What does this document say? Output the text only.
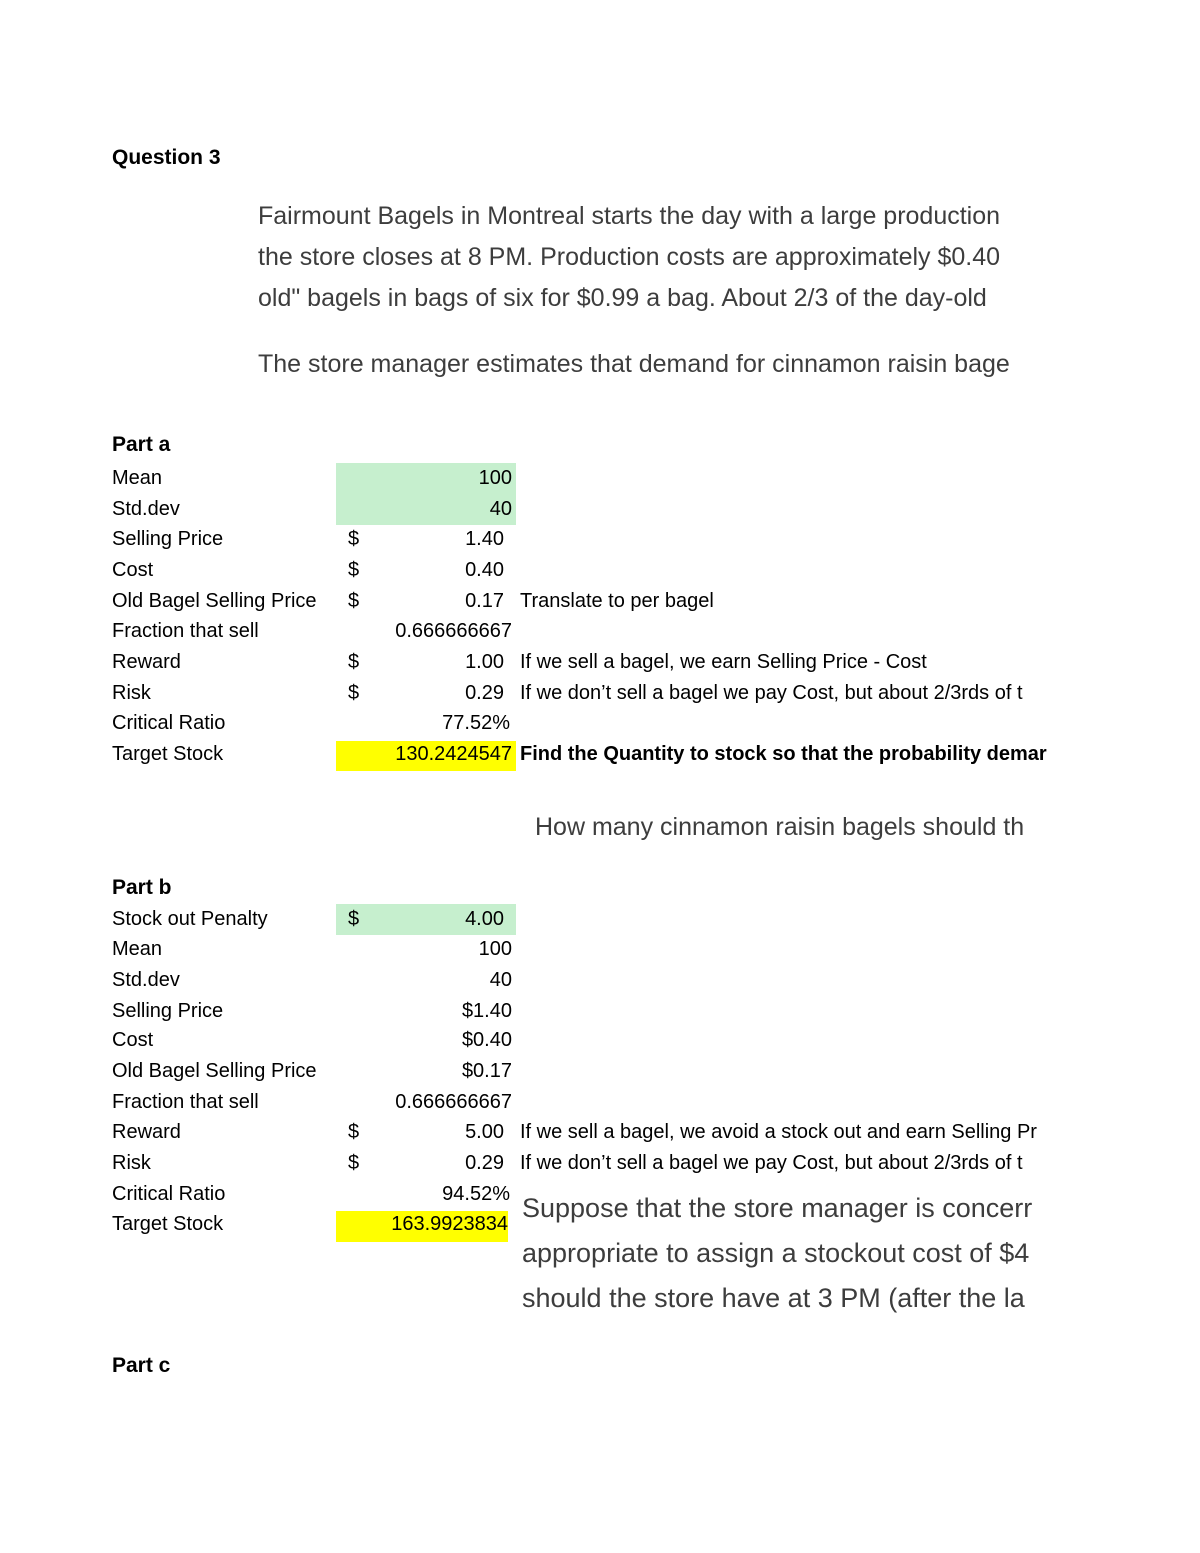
Question 3
Fairmount Bagels in Montreal starts the day with a large production
the store closes at 8 PM. Production costs are approximately $0.40
old" bagels in bags of six for $0.99 a bag. About 2/3 of the day-old
The store manager estimates that demand for cinnamon raisin bage
Part a
Mean	100
Std.dev	40
Selling Price	$	1.40
Cost	$	0.40
Old Bagel Selling Price $	0.17 Translate to per bagel
Fraction that sell	0.666666667
Reward	$	1.00 If we sell a bagel, we earn Selling Price - Cost
Risk	$	0.29 If we don’t sell a bagel we pay Cost, but about 2/3rds of t
Critical Ratio	77.52%
Target Stock	130.2424547 Find the Quantity to stock so that the probability demar
How many cinnamon raisin bagels should th
Part b
Stock out Penalty	$	4.00
Mean	100
Std.dev	40
Selling Price	$1.40
Cost	$0.40
Old Bagel Selling Price	$0.17
Fraction that sell	0.666666667
Reward	$	5.00 If we sell a bagel, we avoid a stock out and earn Selling Pr
Risk	$	0.29 If we don’t sell a bagel we pay Cost, but about 2/3rds of t
Critical Ratio	94.52%
Target Stock	163.9923834
Suppose that the store manager is concerr
appropriate to assign a stockout cost of $4
should the store have at 3 PM (after the la
Part c
